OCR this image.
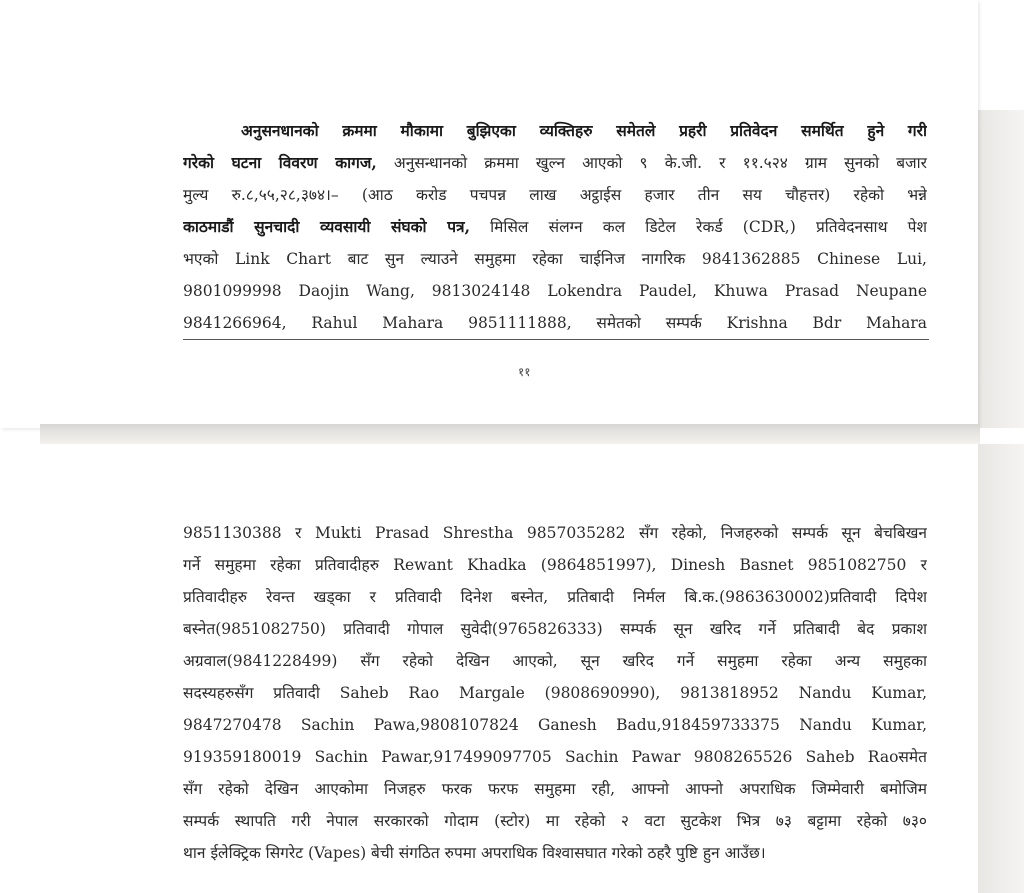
अनुसनधानको क्रममा मौकामा बुझिएका व्यक्तिहरु समेतले प्रहरी प्रतिवेदन समर्थित हुने गरी
गरेको घटना विवरण कागज, अनुसन्धानको क्रममा खुल्न आएको ९ के.जी. र ११.५२४ ग्राम सुनको बजार
मुल्य रु.८,५५,२८,३७४।– (आठ करोड पचपन्न लाख अट्ठाईस हजार तीन सय चौहत्तर) रहेको भन्ने
काठमाडौं सुनचादी व्यवसायी संघको पत्र, मिसिल संलग्न कल डिटेल रेकर्ड (CDR,) प्रतिवेदनसाथ पेश
भएको Link Chart बाट सुन ल्याउने समुहमा रहेका चाईनिज नागरिक 9841362885 Chinese Lui,
9801099998 Daojin Wang, 9813024148 Lokendra Paudel, Khuwa Prasad Neupane
9841266964, Rahul Mahara 9851111888, समेतको सम्पर्क Krishna Bdr Mahara
११
9851130388 र Mukti Prasad Shrestha 9857035282 सँग रहेको, निजहरुको सम्पर्क सून बेचबिखन
गर्ने समुहमा रहेका प्रतिवादीहरु Rewant Khadka (9864851997), Dinesh Basnet 9851082750 र
प्रतिवादीहरु रेवन्त खड्का र प्रतिवादी दिनेश बस्नेत, प्रतिबादी निर्मल बि.क.(9863630002)प्रतिवादी दिपेश
बस्नेत(9851082750) प्रतिवादी गोपाल सुवेदी(9765826333) सम्पर्क सून खरिद गर्ने प्रतिबादी बेद प्रकाश
अग्रवाल(9841228499) सँग रहेको देखिन आएको, सून खरिद गर्ने समुहमा रहेका अन्य समुहका
सदस्यहरुसँग प्रतिवादी Saheb Rao Margale (9808690990), 9813818952 Nandu Kumar,
9847270478 Sachin Pawa,9808107824 Ganesh Badu,918459733375 Nandu Kumar,
919359180019 Sachin Pawar,917499097705 Sachin Pawar 9808265526 Saheb Raoसमेत
सँग रहेको देखिन आएकोमा निजहरु फरक फरफ समुहमा रही, आफ्नो आफ्नो अपराधिक जिम्मेवारी बमोजिम
सम्पर्क स्थापति गरी नेपाल सरकारको गोदाम (स्टोर) मा रहेको २ वटा सुटकेश भित्र ७३ बट्टामा रहेको ७३०
थान ईलेक्ट्रिक सिगरेट (Vapes) बेची संगठित रुपमा अपराधिक विश्वासघात गरेको ठहरै पुष्टि हुन आउँछ।
